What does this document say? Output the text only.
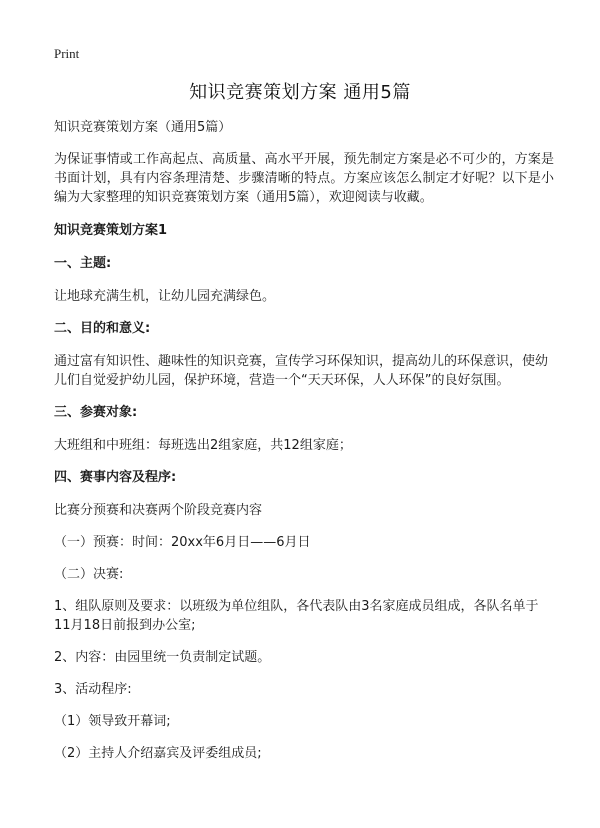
Print
知识竞赛策划方案 通用5篇

知识竞赛策划方案（通用5篇）

为保证事情或工作高起点、高质量、高水平开展，预先制定方案是必不可少的，方案是书面计划，具有内容条理清楚、步骤清晰的特点。方案应该怎么制定才好呢？以下是小编为大家整理的知识竞赛策划方案（通用5篇），欢迎阅读与收藏。

知识竞赛策划方案1

一、主题:

让地球充满生机，让幼儿园充满绿色。

二、目的和意义:

通过富有知识性、趣味性的知识竞赛，宣传学习环保知识，提高幼儿的环保意识，使幼儿们自觉爱护幼儿园，保护环境，营造一个“天天环保，人人环保”的良好氛围。

三、参赛对象:

大班组和中班组：每班选出2组家庭，共12组家庭；

四、赛事内容及程序:

比赛分预赛和决赛两个阶段竞赛内容

（一）预赛：时间：20xx年6月日——6月日

（二）决赛:

1、组队原则及要求：以班级为单位组队，各代表队由3名家庭成员组成，各队名单于11月18日前报到办公室;

2、内容：由园里统一负责制定试题。

3、活动程序:

（1）领导致开幕词;

（2）主持人介绍嘉宾及评委组成员;
